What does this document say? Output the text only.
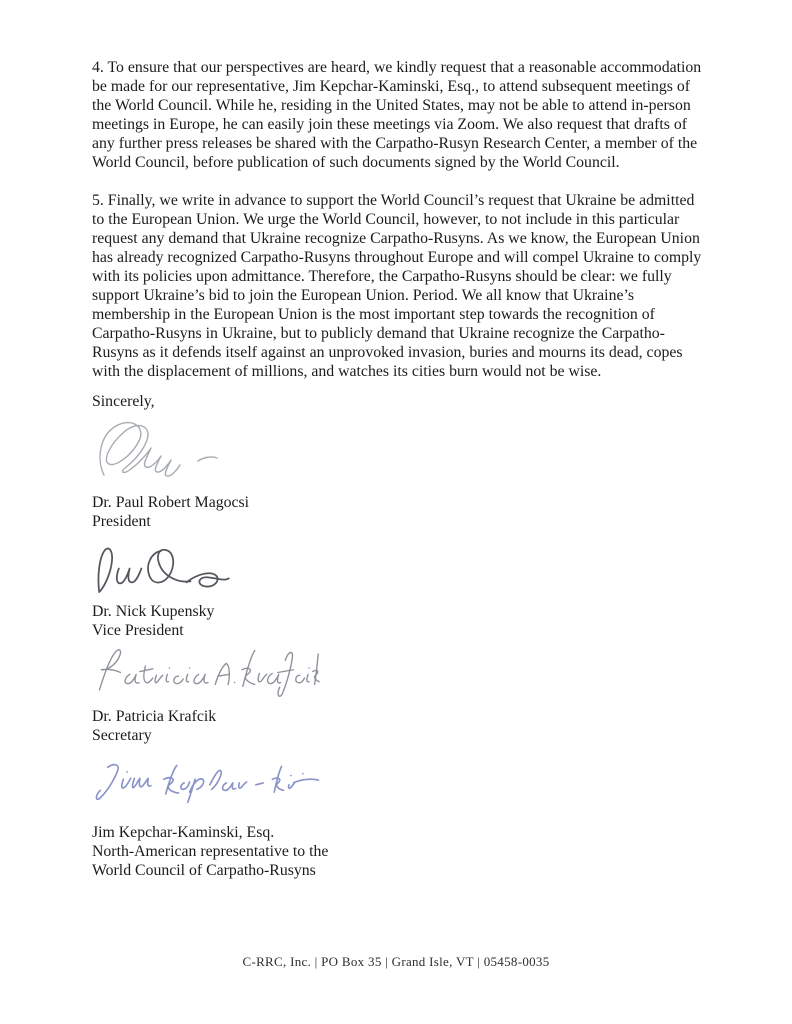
4. To ensure that our perspectives are heard, we kindly request that a reasonable accommodation be made for our representative, Jim Kepchar-Kaminski, Esq., to attend subsequent meetings of the World Council. While he, residing in the United States, may not be able to attend in-person meetings in Europe, he can easily join these meetings via Zoom. We also request that drafts of any further press releases be shared with the Carpatho-Rusyn Research Center, a member of the World Council, before publication of such documents signed by the World Council.

5. Finally, we write in advance to support the World Council’s request that Ukraine be admitted to the European Union. We urge the World Council, however, to not include in this particular request any demand that Ukraine recognize Carpatho-Rusyns. As we know, the European Union has already recognized Carpatho-Rusyns throughout Europe and will compel Ukraine to comply with its policies upon admittance. Therefore, the Carpatho-Rusyns should be clear: we fully support Ukraine’s bid to join the European Union. Period. We all know that Ukraine’s membership in the European Union is the most important step towards the recognition of Carpatho-Rusyns in Ukraine, but to publicly demand that Ukraine recognize the Carpatho-Rusyns as it defends itself against an unprovoked invasion, buries and mourns its dead, copes with the displacement of millions, and watches its cities burn would not be wise.

Sincerely,

Dr. Paul Robert Magocsi
President
Dr. Nick Kupensky
Vice President
Dr. Patricia Krafcik
Secretary
Jim Kepchar-Kaminski, Esq.
North-American representative to the
World Council of Carpatho-Rusyns
C-RRC, Inc. | PO Box 35 | Grand Isle, VT | 05458-0035
